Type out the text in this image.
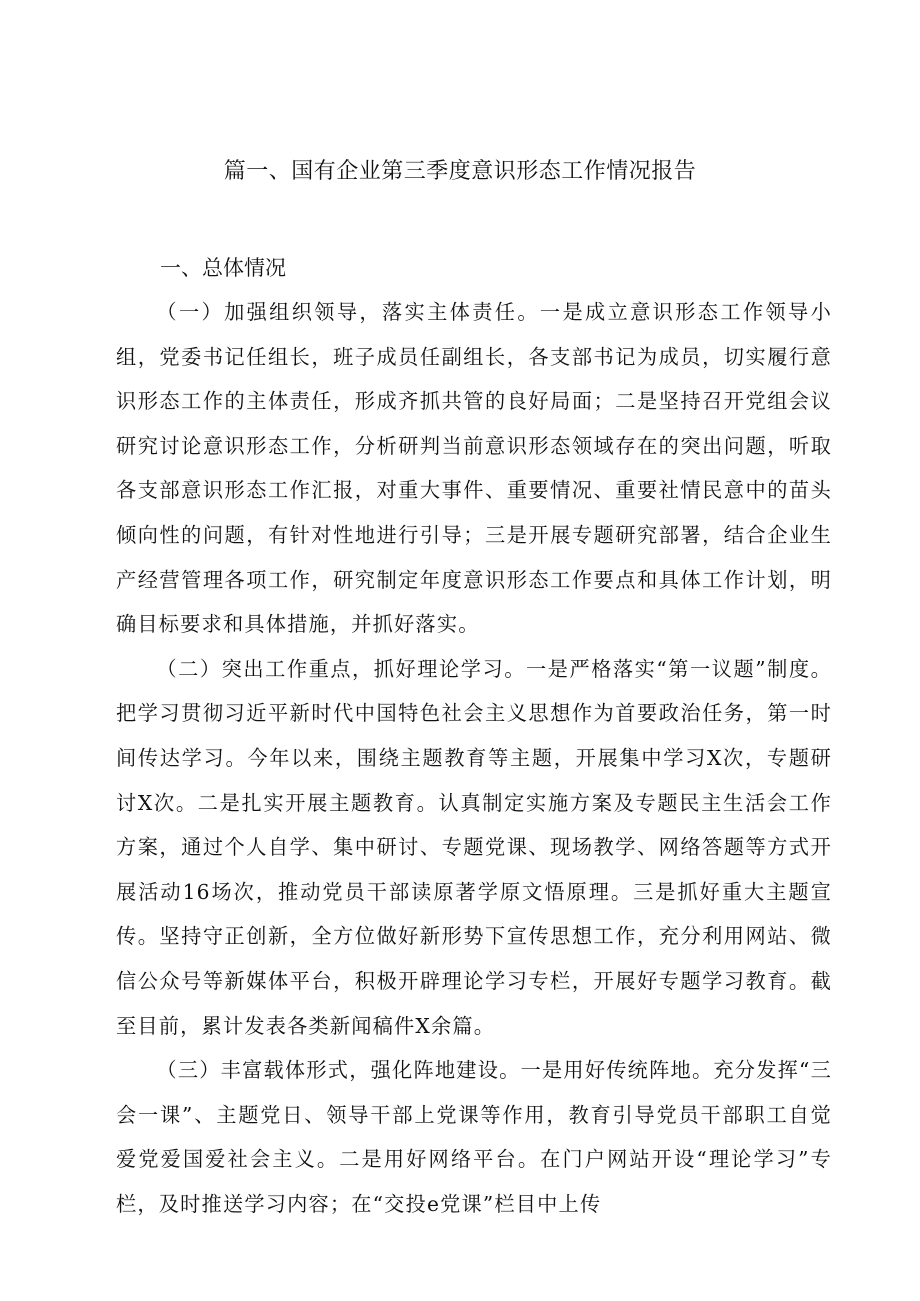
篇一、国有企业第三季度意识形态工作情况报告
一、总体情况

（一）加强组织领导，落实主体责任。一是成立意识形态工作领导小组，党委书记任组长，班子成员任副组长，各支部书记为成员，切实履行意识形态工作的主体责任，形成齐抓共管的良好局面；二是坚持召开党组会议研究讨论意识形态工作，分析研判当前意识形态领域存在的突出问题，听取各支部意识形态工作汇报，对重大事件、重要情况、重要社情民意中的苗头倾向性的问题，有针对性地进行引导；三是开展专题研究部署，结合企业生产经营管理各项工作，研究制定年度意识形态工作要点和具体工作计划，明确目标要求和具体措施，并抓好落实。

（二）突出工作重点，抓好理论学习。一是严格落实“第一议题”制度。把学习贯彻习近平新时代中国特色社会主义思想作为首要政治任务，第一时间传达学习。今年以来，围绕主题教育等主题，开展集中学习X次，专题研讨X次。二是扎实开展主题教育。认真制定实施方案及专题民主生活会工作方案，通过个人自学、集中研讨、专题党课、现场教学、网络答题等方式开展活动16场次，推动党员干部读原著学原文悟原理。三是抓好重大主题宣传。坚持守正创新，全方位做好新形势下宣传思想工作，充分利用网站、微信公众号等新媒体平台，积极开辟理论学习专栏，开展好专题学习教育。截至目前，累计发表各类新闻稿件X余篇。

（三）丰富载体形式，强化阵地建设。一是用好传统阵地。充分发挥“三会一课”、主题党日、领导干部上党课等作用，教育引导党员干部职工自觉爱党爱国爱社会主义。二是用好网络平台。在门户网站开设“理论学习”专栏，及时推送学习内容；在“交投e党课”栏目中上传
